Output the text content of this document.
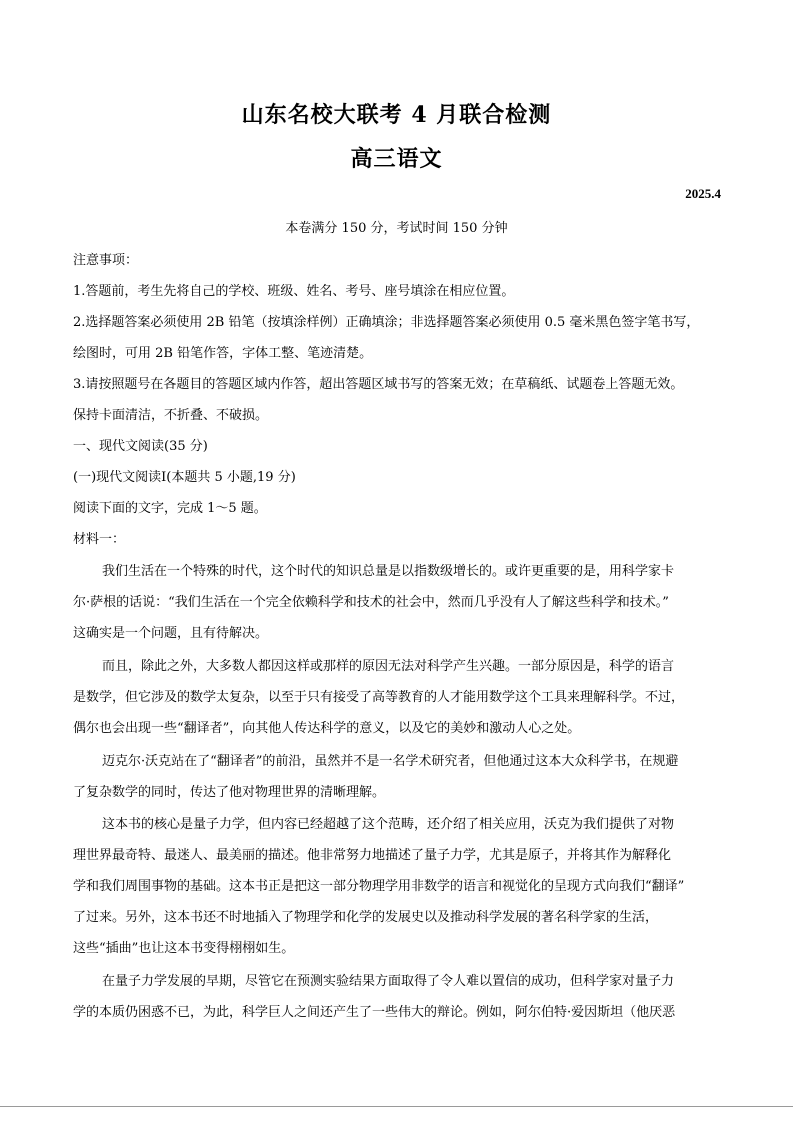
山东名校大联考 4 月联合检测
高三语文
2025.4
本卷满分 150 分，考试时间 150 分钟
注意事项：
1.答题前，考生先将自己的学校、班级、姓名、考号、座号填涂在相应位置。
2.选择题答案必须使用 2B 铅笔（按填涂样例）正确填涂；非选择题答案必须使用 0.5 毫米黑色签字笔书写，
绘图时，可用 2B 铅笔作答，字体工整、笔迹清楚。
3.请按照题号在各题目的答题区域内作答，超出答题区域书写的答案无效；在草稿纸、试题卷上答题无效。
保持卡面清洁，不折叠、不破损。
一、现代文阅读(35 分)
(一)现代文阅读Ⅰ(本题共 5 小题,19 分)
阅读下面的文字，完成 1～5 题。
材料一：
我们生活在一个特殊的时代，这个时代的知识总量是以指数级增长的。或许更重要的是，用科学家卡
尔·萨根的话说：“我们生活在一个完全依赖科学和技术的社会中，然而几乎没有人了解这些科学和技术。”
这确实是一个问题，且有待解决。
而且，除此之外，大多数人都因这样或那样的原因无法对科学产生兴趣。一部分原因是，科学的语言
是数学，但它涉及的数学太复杂，以至于只有接受了高等教育的人才能用数学这个工具来理解科学。不过，
偶尔也会出现一些“翻译者”，向其他人传达科学的意义，以及它的美妙和激动人心之处。
迈克尔·沃克站在了“翻译者”的前沿，虽然并不是一名学术研究者，但他通过这本大众科学书，在规避
了复杂数学的同时，传达了他对物理世界的清晰理解。
这本书的核心是量子力学，但内容已经超越了这个范畴，还介绍了相关应用，沃克为我们提供了对物
理世界最奇特、最迷人、最美丽的描述。他非常努力地描述了量子力学，尤其是原子，并将其作为解释化
学和我们周围事物的基础。这本书正是把这一部分物理学用非数学的语言和视觉化的呈现方式向我们“翻译”
了过来。另外，这本书还不时地插入了物理学和化学的发展史以及推动科学发展的著名科学家的生活，
这些“插曲”也让这本书变得栩栩如生。
在量子力学发展的早期，尽管它在预测实验结果方面取得了令人难以置信的成功，但科学家对量子力
学的本质仍困惑不已，为此，科学巨人之间还产生了一些伟大的辩论。例如，阿尔伯特·爱因斯坦（他厌恶
